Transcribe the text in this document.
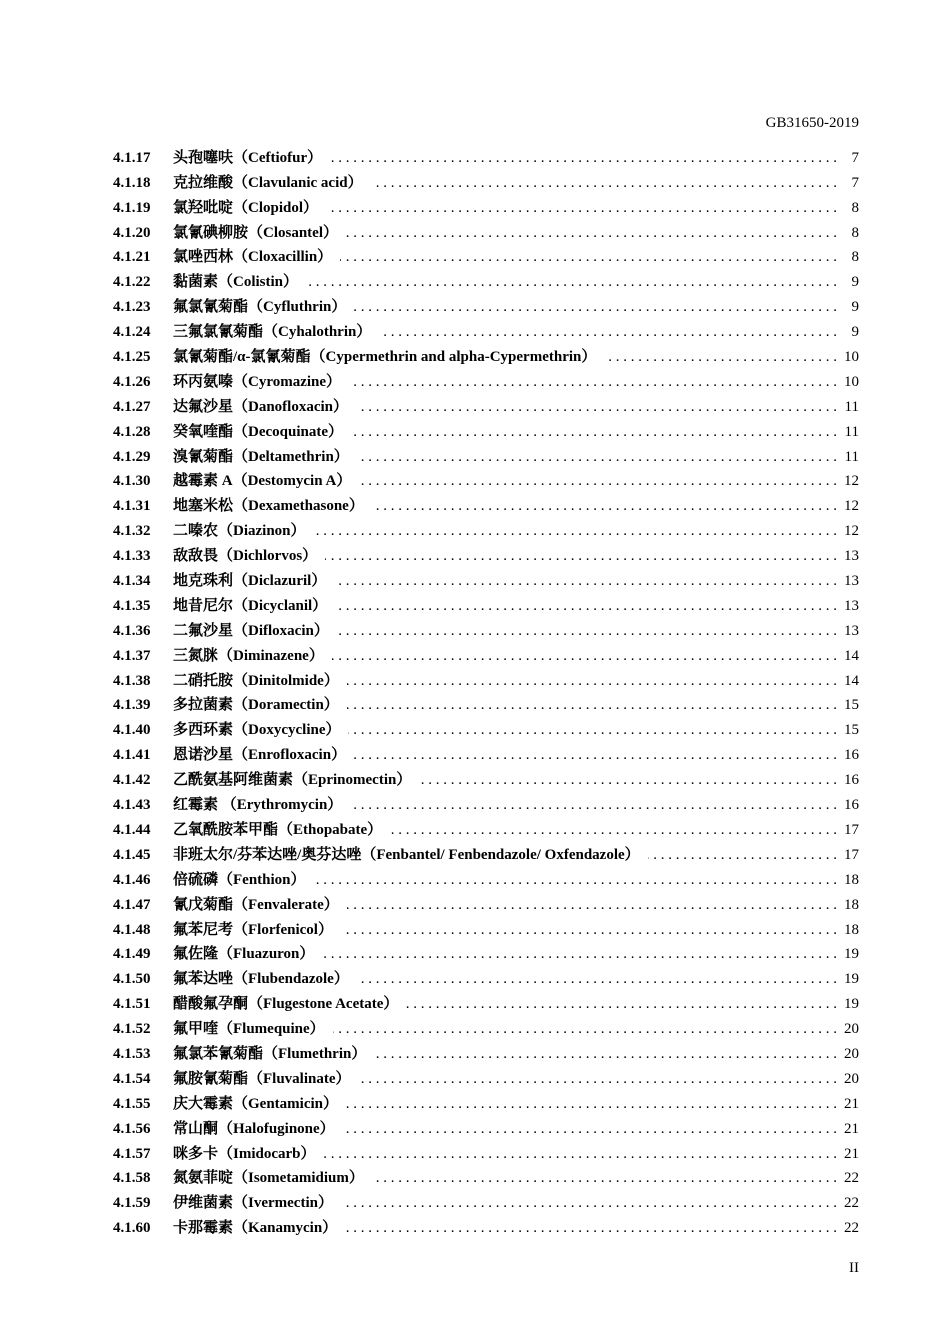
GB31650-2019
4.1.17	头孢噻呋（Ceftiofur） . . .	7
4.1.18	克拉维酸（Clavulanic acid） . . .	7
4.1.19	氯羟吡啶（Clopidol） . . .	8
4.1.20	氯氰碘柳胺（Closantel） . . .	8
4.1.21	氯唑西林（Cloxacillin） . . .	8
4.1.22	黏菌素（Colistin） . . .	9
4.1.23	氟氯氰菊酯（Cyfluthrin） . . .	9
4.1.24	三氟氯氰菊酯（Cyhalothrin） . . .	9
4.1.25	氯氰菊酯/α-氯氰菊酯（Cypermethrin and alpha-Cypermethrin） . . .	10
4.1.26	环丙氨嗪（Cyromazine） . . .	10
4.1.27	达氟沙星（Danofloxacin） . . .	11
4.1.28	癸氧喹酯（Decoquinate） . . .	11
4.1.29	溴氰菊酯（Deltamethrin） . . .	11
4.1.30	越霉素 A（Destomycin A） . . .	12
4.1.31	地塞米松（Dexamethasone） . . .	12
4.1.32	二嗪农（Diazinon） . . .	12
4.1.33	敌敌畏（Dichlorvos） . . .	13
4.1.34	地克珠利（Diclazuril） . . .	13
4.1.35	地昔尼尔（Dicyclanil） . . .	13
4.1.36	二氟沙星（Difloxacin） . . .	13
4.1.37	三氮脒（Diminazene） . . .	14
4.1.38	二硝托胺（Dinitolmide） . . .	14
4.1.39	多拉菌素（Doramectin） . . .	15
4.1.40	多西环素（Doxycycline） . . .	15
4.1.41	恩诺沙星（Enrofloxacin） . . .	16
4.1.42	乙酰氨基阿维菌素（Eprinomectin） . . .	16
4.1.43	红霉素 （Erythromycin） . . .	16
4.1.44	乙氧酰胺苯甲酯（Ethopabate） . . .	17
4.1.45	非班太尔/芬苯达唑/奥芬达唑（Fenbantel/ Fenbendazole/ Oxfendazole） . . .	17
4.1.46	倍硫磷（Fenthion） . . .	18
4.1.47	氰戊菊酯（Fenvalerate） . . .	18
4.1.48	氟苯尼考（Florfenicol） . . .	18
4.1.49	氟佐隆（Fluazuron） . . .	19
4.1.50	氟苯达唑（Flubendazole） . . .	19
4.1.51	醋酸氟孕酮（Flugestone Acetate） . . .	19
4.1.52	氟甲喹（Flumequine） . . .	20
4.1.53	氟氯苯氰菊酯（Flumethrin） . . .	20
4.1.54	氟胺氰菊酯（Fluvalinate） . . .	20
4.1.55	庆大霉素（Gentamicin） . . .	21
4.1.56	常山酮（Halofuginone） . . .	21
4.1.57	咪多卡（Imidocarb） . . .	21
4.1.58	氮氨菲啶（Isometamidium） . . .	22
4.1.59	伊维菌素（Ivermectin） . . .	22
4.1.60	卡那霉素（Kanamycin） . . .	22
II
